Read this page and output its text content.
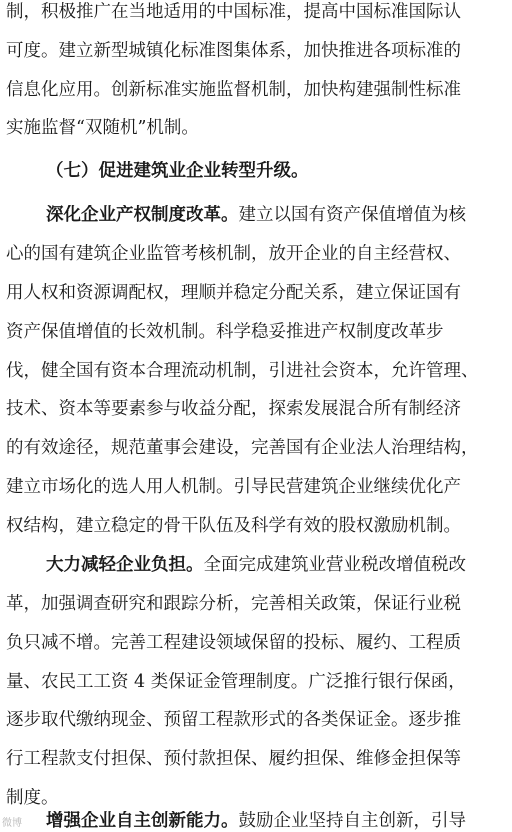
制，积极推广在当地适用的中国标准，提高中国标准国际认
可度。建立新型城镇化标准图集体系，加快推进各项标准的
信息化应用。创新标准实施监督机制，加快构建强制性标准
实施监督“双随机”机制。
（七）促进建筑业企业转型升级。
深化企业产权制度改革。建立以国有资产保值增值为核
心的国有建筑企业监管考核机制，放开企业的自主经营权、
用人权和资源调配权，理顺并稳定分配关系，建立保证国有
资产保值增值的长效机制。科学稳妥推进产权制度改革步
伐，健全国有资本合理流动机制，引进社会资本，允许管理、
技术、资本等要素参与收益分配，探索发展混合所有制经济
的有效途径，规范董事会建设，完善国有企业法人治理结构，
建立市场化的选人用人机制。引导民营建筑企业继续优化产
权结构，建立稳定的骨干队伍及科学有效的股权激励机制。
大力减轻企业负担。全面完成建筑业营业税改增值税改
革，加强调查研究和跟踪分析，完善相关政策，保证行业税
负只减不增。完善工程建设领域保留的投标、履约、工程质
量、农民工工资 4 类保证金管理制度。广泛推行银行保函，
逐步取代缴纳现金、预留工程款形式的各类保证金。逐步推
行工程款支付担保、预付款担保、履约担保、维修金担保等
制度。
增强企业自主创新能力。鼓励企业坚持自主创新，引导
微博
